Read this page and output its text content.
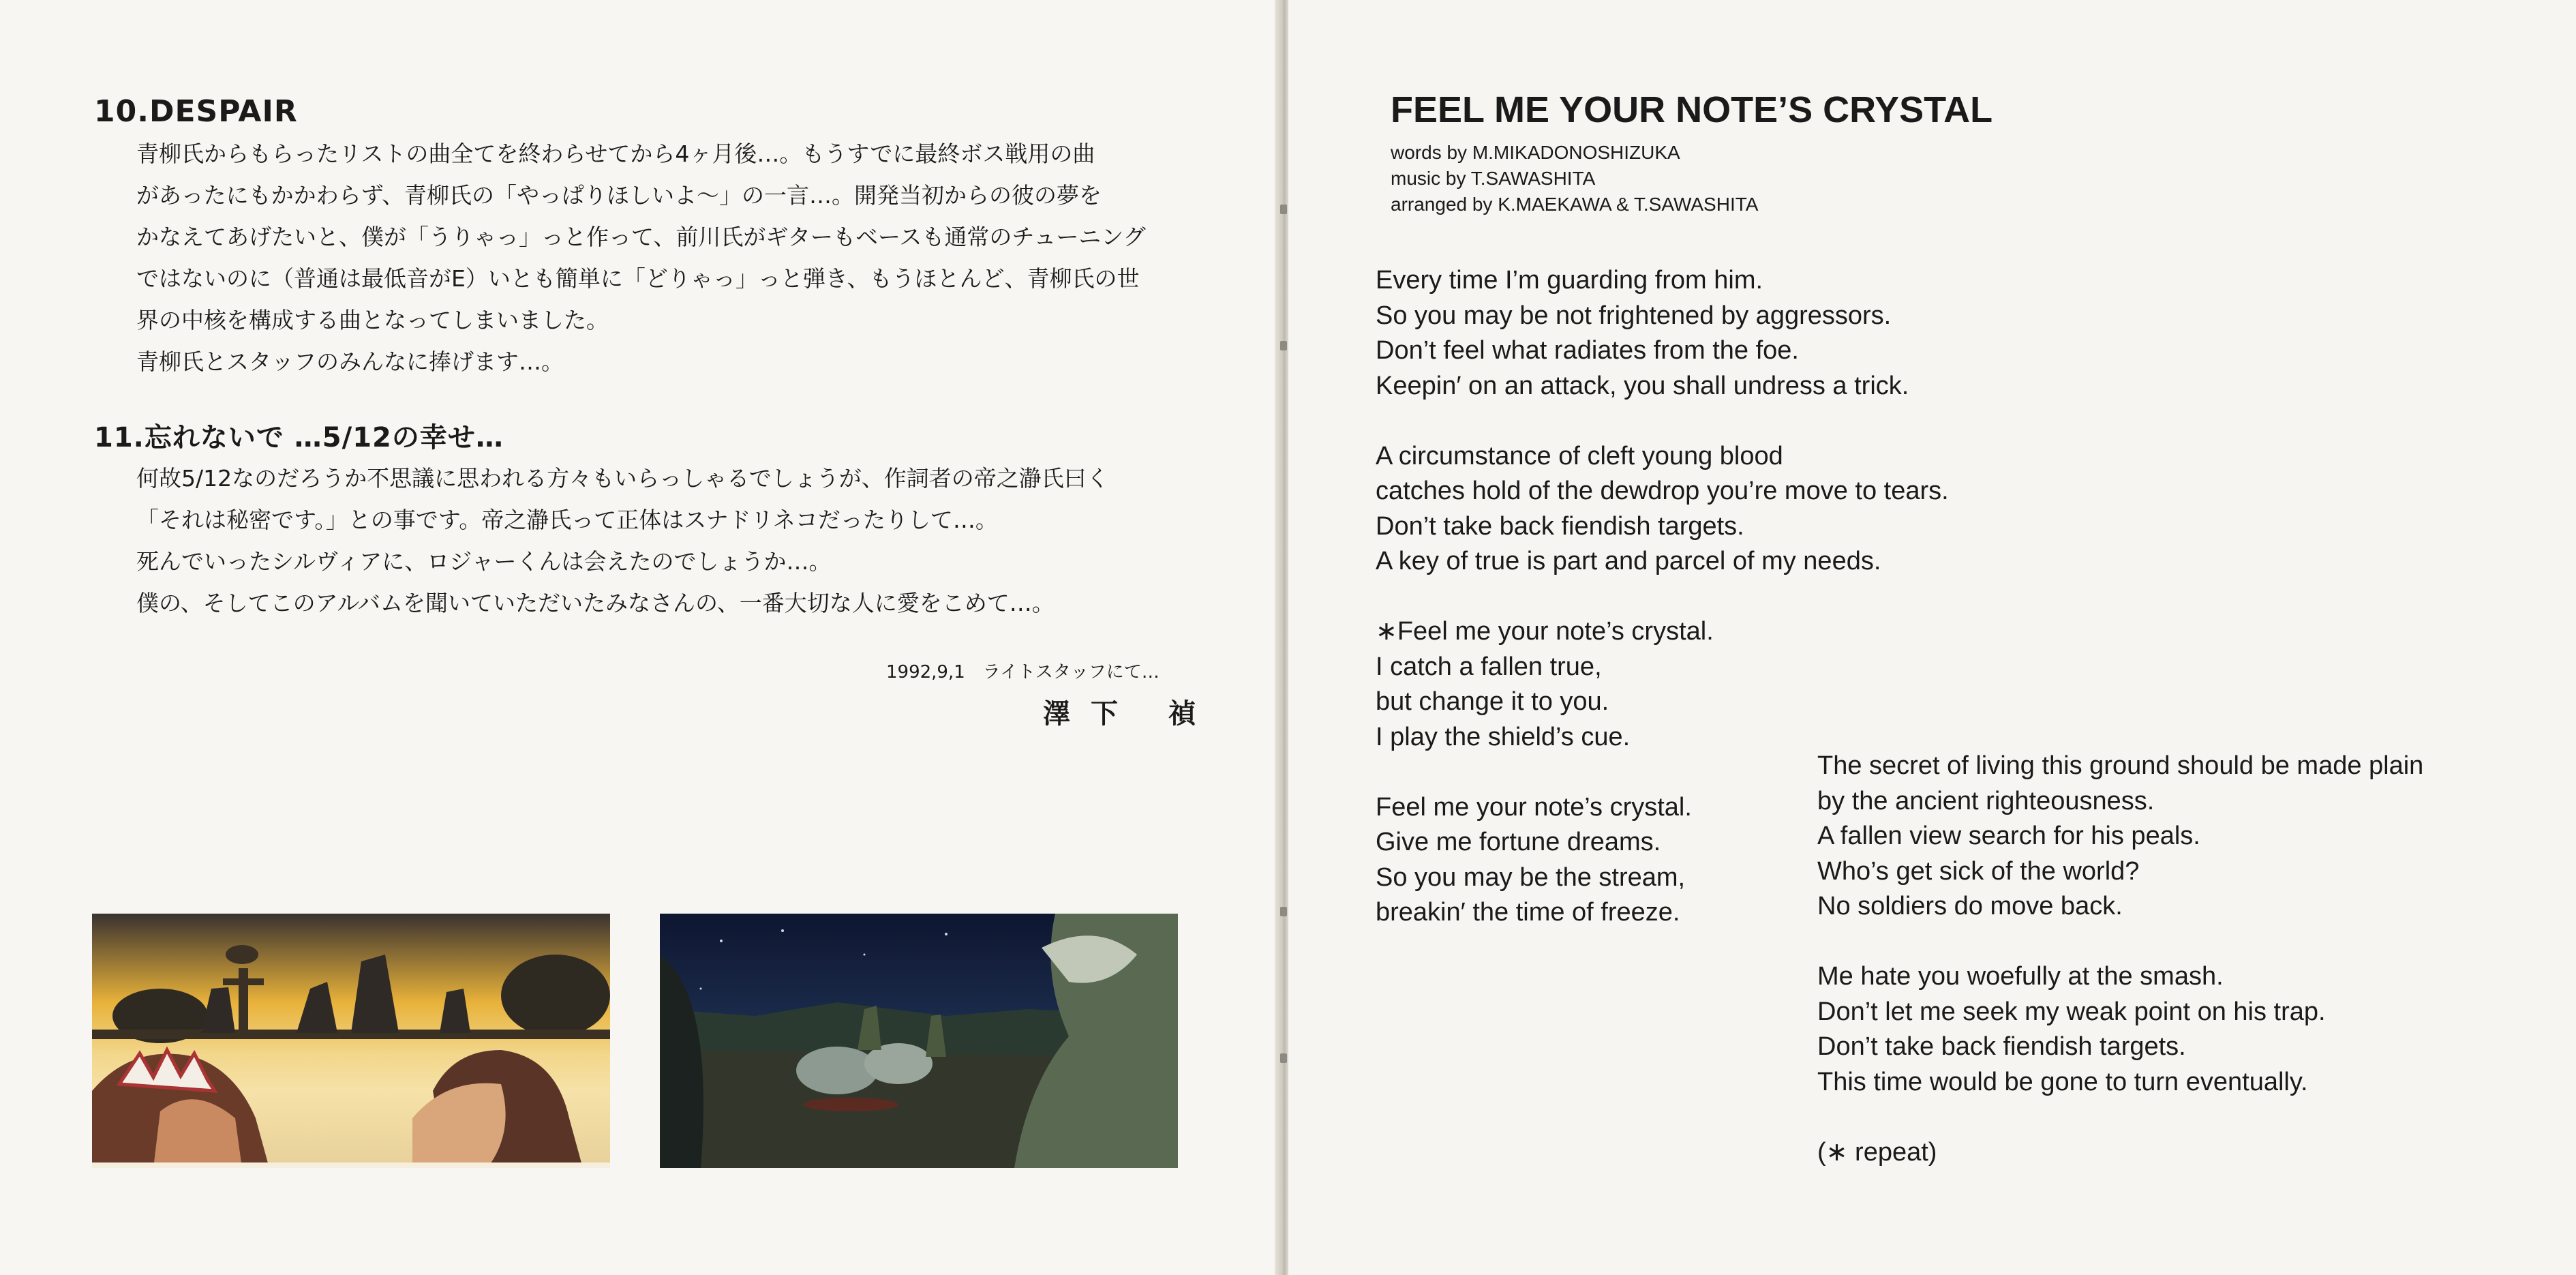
10.DESPAIR
青柳氏からもらったリストの曲全てを終わらせてから4ヶ月後…。もうすでに最終ボス戦用の曲
があったにもかかわらず、青柳氏の「やっぱりほしいよ～」の一言…。開発当初からの彼の夢を
かなえてあげたいと、僕が「うりゃっ」っと作って、前川氏がギターもベースも通常のチューニング
ではないのに（普通は最低音がE）いとも簡単に「どりゃっ」っと弾き、もうほとんど、青柳氏の世
界の中核を構成する曲となってしまいました。
青柳氏とスタッフのみんなに捧げます…。
11.忘れないで …5/12の幸せ…
何故5/12なのだろうか不思議に思われる方々もいらっしゃるでしょうが、作詞者の帝之瀞氏曰く
「それは秘密です。」との事です。帝之瀞氏って正体はスナドリネコだったりして…。
死んでいったシルヴィアに、ロジャーくんは会えたのでしょうか…。
僕の、そしてこのアルバムを聞いていただいたみなさんの、一番大切な人に愛をこめて…。
1992,9,1　ライトスタッフにて…
澤下 禎
FEEL ME YOUR NOTE’S CRYSTAL
words by M.MIKADONOSHIZUKA
music by T.SAWASHITA
arranged by K.MAEKAWA & T.SAWASHITA
Every time I’m guarding from him.
So you may be not frightened by aggressors.
Don’t feel what radiates from the foe.
Keepin′ on an attack, you shall undress a trick.
A circumstance of cleft young blood
catches hold of the dewdrop you’re move to tears.
Don’t take back fiendish targets.
A key of true is part and parcel of my needs.
∗Feel me your note’s crystal.
I catch a fallen true,
but change it to you.
I play the shield’s cue.
Feel me your note’s crystal.
Give me fortune dreams.
So you may be the stream,
breakin′ the time of freeze.
The secret of living this ground should be made plain
by the ancient righteousness.
A fallen view search for his peals.
Who’s get sick of the world?
No soldiers do move back.
Me hate you woefully at the smash.
Don’t let me seek my weak point on his trap.
Don’t take back fiendish targets.
This time would be gone to turn eventually.
(∗ repeat)
